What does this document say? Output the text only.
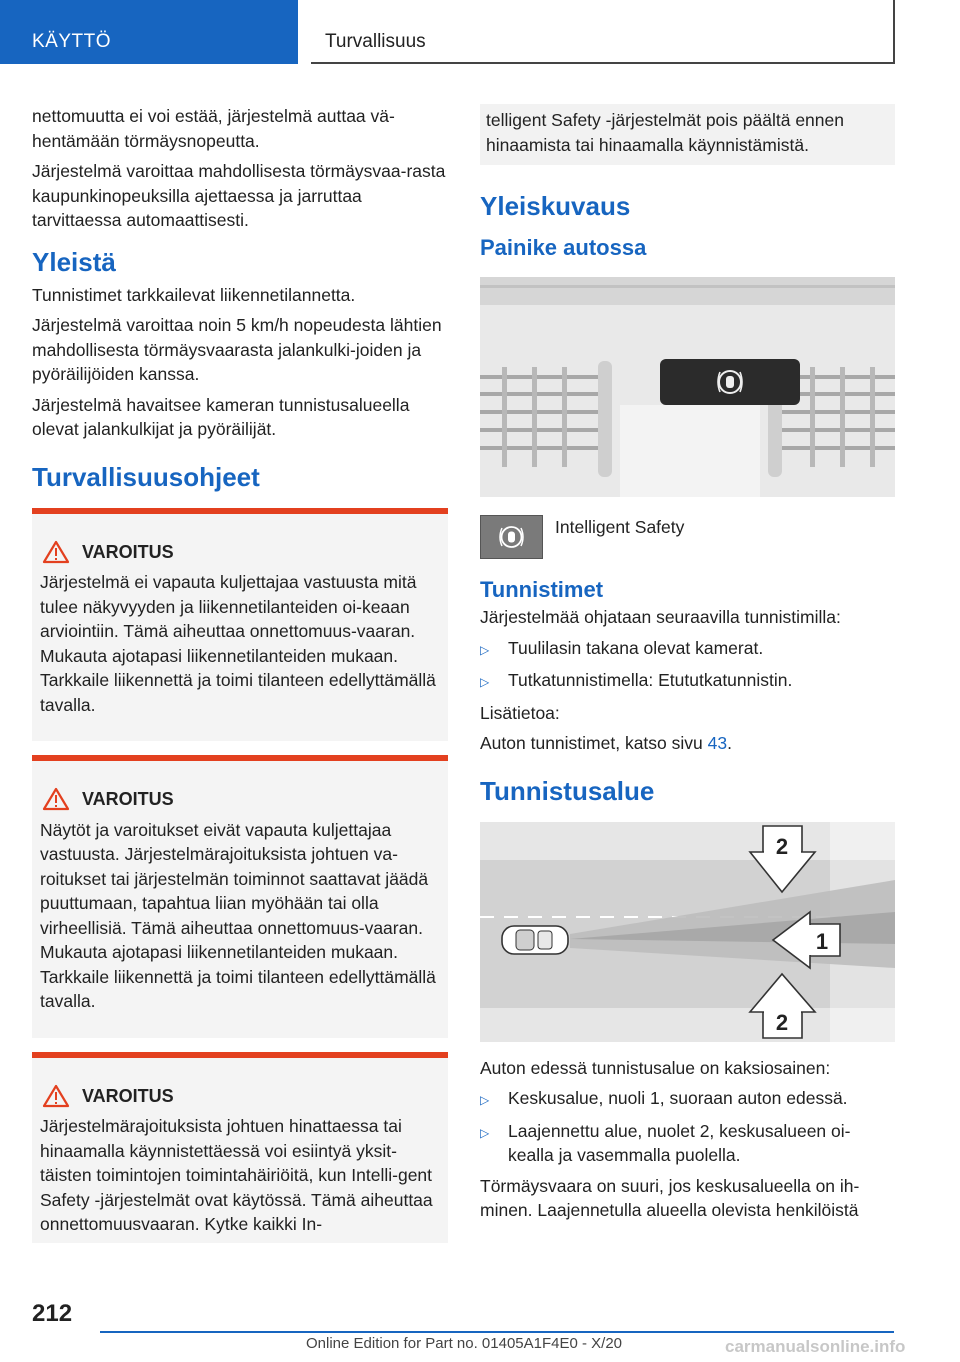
KÄYTTÖ	Turvallisuus

nettomuutta ei voi estää, järjestelmä auttaa vä-hentämään törmäysnopeutta.

Järjestelmä varoittaa mahdollisesta törmäysvaa-rasta kaupunkinopeuksilla ajettaessa ja jarruttaa tarvittaessa automaattisesti.

Yleistä

Tunnistimet tarkkailevat liikennetilannetta.

Järjestelmä varoittaa noin 5 km/h nopeudesta lähtien mahdollisesta törmäysvaarasta jalankulki-joiden ja pyöräilijöiden kanssa.

Järjestelmä havaitsee kameran tunnistusalueella olevat jalankulkijat ja pyöräilijät.

Turvallisuusohjeet
VAROITUS
Järjestelmä ei vapauta kuljettajaa vastuusta mitä tulee näkyvyyden ja liikennetilanteiden oi-keaan arviointiin. Tämä aiheuttaa onnettomuus-vaaran. Mukauta ajotapasi liikennetilanteiden mukaan. Tarkkaile liikennettä ja toimi tilanteen edellyttämällä tavalla.
VAROITUS
Näytöt ja varoitukset eivät vapauta kuljettajaa vastuusta. Järjestelmärajoituksista johtuen va-roitukset tai järjestelmän toiminnot saattavat jäädä puuttumaan, tapahtua liian myöhään tai olla virheellisiä. Tämä aiheuttaa onnettomuus-vaaran. Mukauta ajotapasi liikennetilanteiden mukaan. Tarkkaile liikennettä ja toimi tilanteen edellyttämällä tavalla.
VAROITUS
Järjestelmärajoituksista johtuen hinattaessa tai hinaamalla käynnistettäessä voi esiintyä yksit-täisten toimintojen toimintahäiriöitä, kun Intelli-gent Safety -järjestelmät ovat käytössä. Tämä aiheuttaa onnettomuusvaaran. Kytke kaikki In-
telligent Safety -järjestelmät pois päältä ennen hinaamista tai hinaamalla käynnistämistä.
Yleiskuvaus
Painike autossa
Intelligent Safety
Tunnistimet

Järjestelmää ohjataan seuraavilla tunnistimilla:

▷	Tuulilasin takana olevat kamerat.
▷	Tutkatunnistimella: Etututkatunnistin.

Lisätietoa:

Auton tunnistimet, katso sivu 43.

Tunnistusalue
2
1
2

Auton edessä tunnistusalue on kaksiosainen:

▷	Keskusalue, nuoli 1, suoraan auton edessä.
▷	Laajennettu alue, nuolet 2, keskusalueen oi-kealla ja vasemmalla puolella.

Törmäysvaara on suuri, jos keskusalueella on ih-minen. Laajennetulla alueella olevista henkilöistä

212
Online Edition for Part no. 01405A1F4E0 - X/20	carmanualsonline.info
